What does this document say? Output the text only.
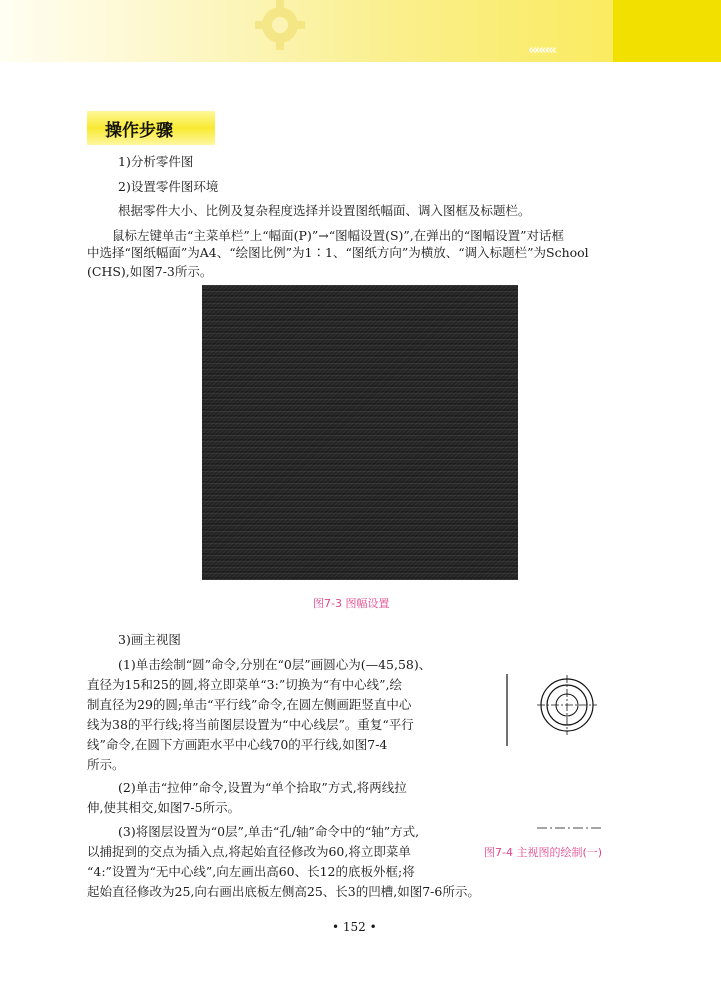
‹‹‹‹‹‹‹‹
操作步骤
1)分析零件图
2)设置零件图环境
根据零件大小、比例及复杂程度选择并设置图纸幅面、调入图框及标题栏。
鼠标左键单击“主菜单栏”上“幅面(P)”→“图幅设置(S)”,在弹出的“图幅设置”对话框
中选择“图纸幅面”为A4、“绘图比例”为1∶1、“图纸方向”为横放、“调入标题栏”为School
(CHS),如图7-3所示。
图7-3 图幅设置
3)画主视图
(1)单击绘制“圆”命令,分别在“0层”画圆心为(—45,58)、
直径为15和25的圆,将立即菜单“3:”切换为“有中心线”,绘
制直径为29的圆;单击“平行线”命令,在圆左侧画距竖直中心
线为38的平行线;将当前图层设置为“中心线层”。重复“平行
线”命令,在圆下方画距水平中心线70的平行线,如图7-4
所示。
(2)单击“拉伸”命令,设置为“单个拾取”方式,将两线拉
伸,使其相交,如图7-5所示。
(3)将图层设置为“0层”,单击“孔/轴”命令中的“轴”方式,
以捕捉到的交点为插入点,将起始直径修改为60,将立即菜单
“4:”设置为“无中心线”,向左画出高60、长12的底板外框;将
起始直径修改为25,向右画出底板左侧高25、长3的凹槽,如图7-6所示。
图7-4 主视图的绘制(一)
• 152 •
